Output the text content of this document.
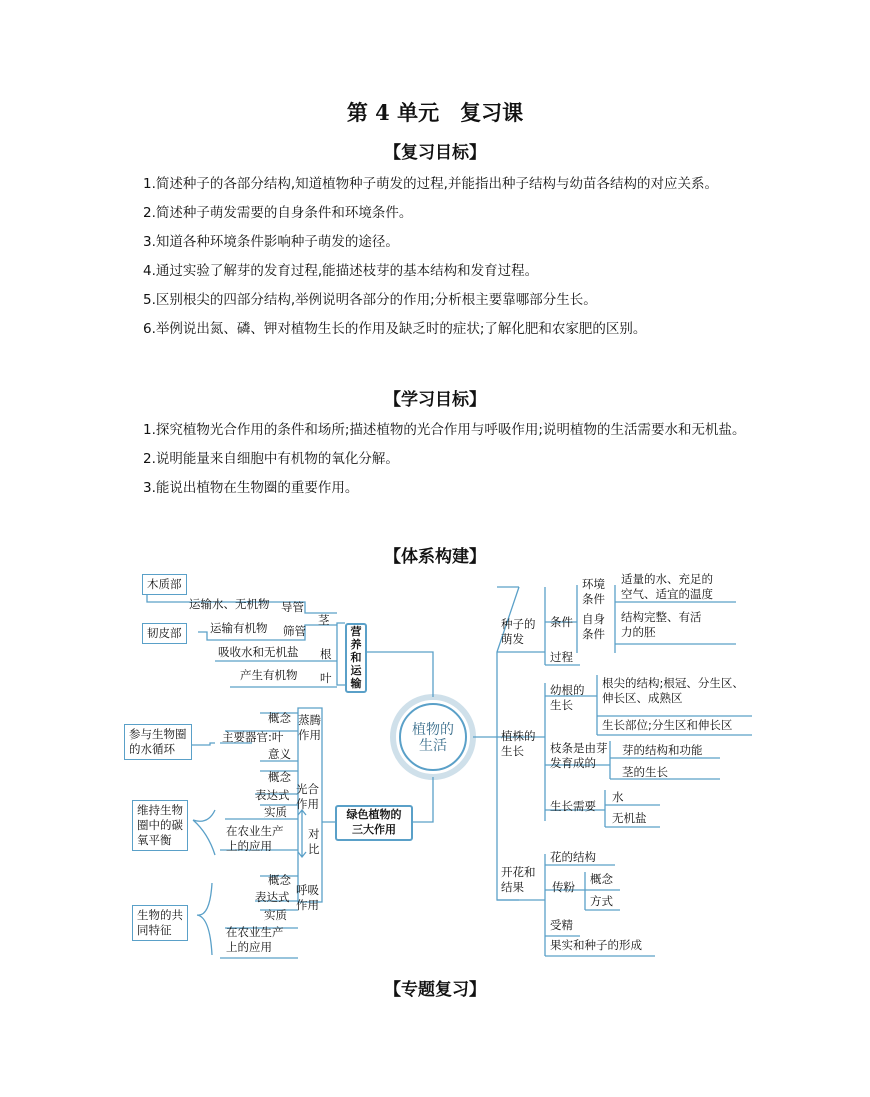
第 4 单元　复习课
【复习目标】

1.简述种子的各部分结构,知道植物种子萌发的过程,并能指出种子结构与幼苗各结构的对应关系。

2.简述种子萌发需要的自身条件和环境条件。

3.知道各种环境条件影响种子萌发的途径。

4.通过实验了解芽的发育过程,能描述枝芽的基本结构和发育过程。

5.区别根尖的四部分结构,举例说明各部分的作用;分析根主要靠哪部分生长。

6.举例说出氮、磷、钾对植物生长的作用及缺乏时的症状;了解化肥和农家肥的区别。

【学习目标】

1.探究植物光合作用的条件和场所;描述植物的光合作用与呼吸作用;说明植物的生活需要水和无机盐。

2.说明能量来自细胞中有机物的氧化分解。

3.能说出植物在生物圈的重要作用。

【体系构建】
植物的
生活
营
养
和
运
输
木质部
运输水、无机物 导管
韧皮部	运输有机物 筛管
茎
吸收水和无机盐 根
产生有机物 叶
绿色植物的
三大作用
参与生物圈
的水循环
蒸腾
作用
概念
主要器官:叶
意义
维持生物
圈中的碳
氧平衡
光合
作用
概念
表达式
实质
在农业生产
上的应用
对
比
生物的共
同特征
呼吸
作用
概念
表达式
实质
在农业生产
上的应用
种子的
萌发
条件
环境
条件
适量的水、充足的
空气、适宜的温度
自身
条件
结构完整、有活
力的胚
过程
植株的
生长
幼根的
生长
根尖的结构;根冠、分生区、
伸长区、成熟区
生长部位;分生区和伸长区
枝条是由芽
发育成的
芽的结构和功能
茎的生长
生长需要
水
无机盐
开花和
结果
花的结构
传粉
概念
方式
受精
果实和种子的形成
【专题复习】
